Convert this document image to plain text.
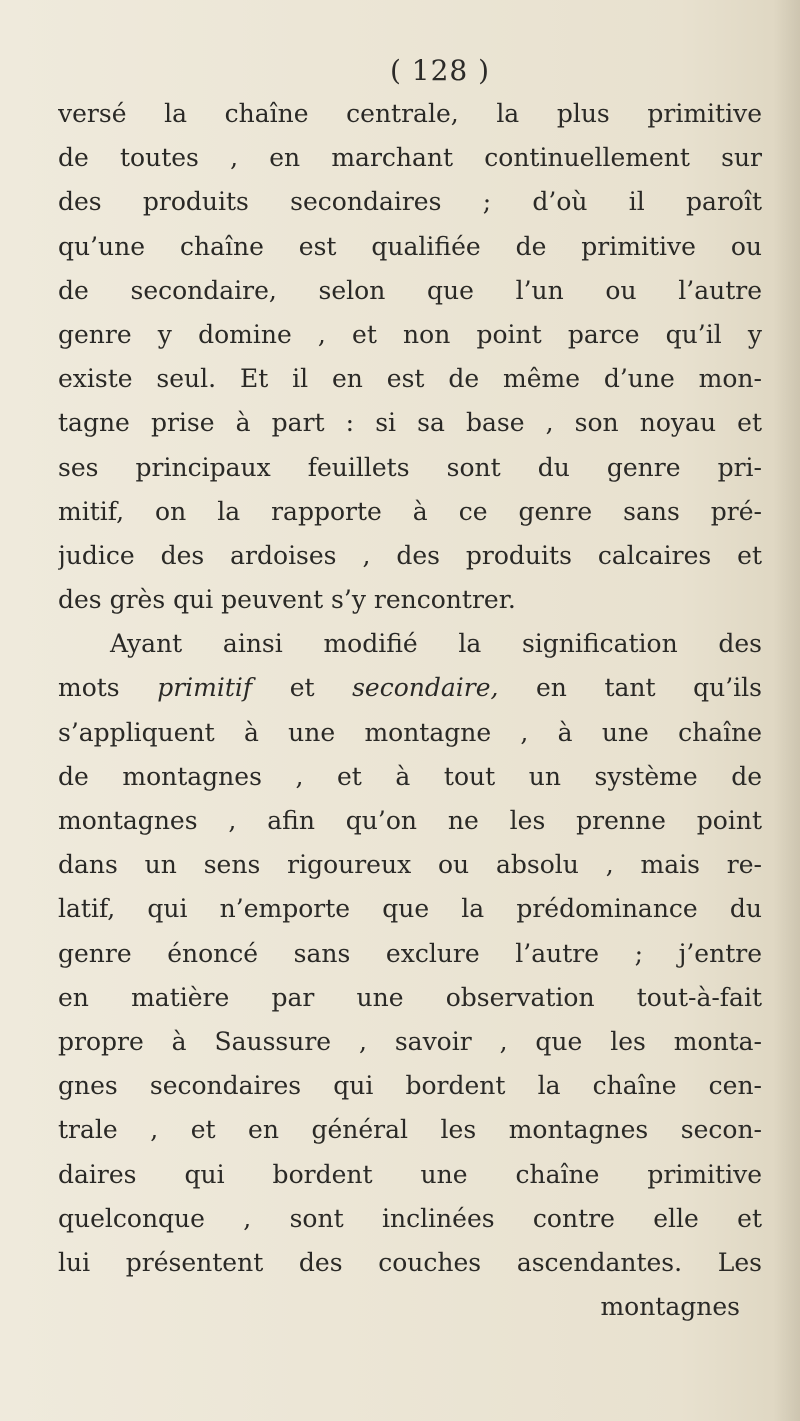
( 128 )
versé la chaîne centrale, la plus primitive
de toutes , en marchant continuellement sur
des produits secondaires ; d’où il paroît
qu’une chaîne est qualifiée de primitive ou
de secondaire, selon que l’un ou l’autre
genre y domine , et non point parce qu’il y
existe seul. Et il en est de même d’une mon-
tagne prise à part : si sa base , son noyau et
ses principaux feuillets sont du genre pri-
mitif, on la rapporte à ce genre sans pré-
judice des ardoises , des produits calcaires et
des grès qui peuvent s’y rencontrer.
Ayant ainsi modifié la signification des
mots primitif et secondaire, en tant qu’ils
s’appliquent à une montagne , à une chaîne
de montagnes , et à tout un système de
montagnes , afin qu’on ne les prenne point
dans un sens rigoureux ou absolu , mais re-
latif, qui n’emporte que la prédominance du
genre énoncé sans exclure l’autre ; j’entre
en matière par une observation tout-à-fait
propre à Saussure , savoir , que les monta-
gnes secondaires qui bordent la chaîne cen-
trale , et en général les montagnes secon-
daires qui bordent une chaîne primitive
quelconque , sont inclinées contre elle et
lui présentent des couches ascendantes. Les
montagnes
